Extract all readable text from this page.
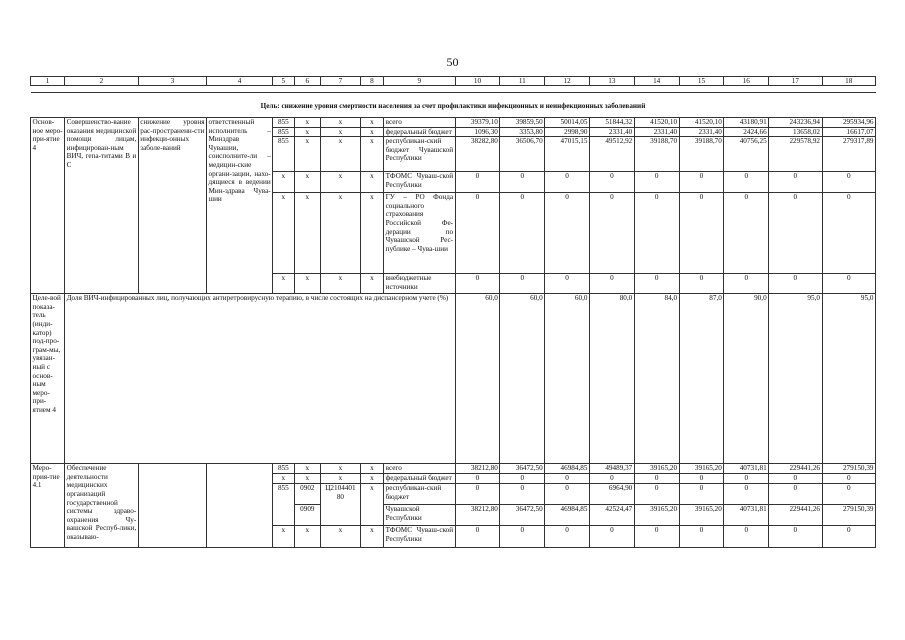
50
1	2	3	4	5	6	7	8	9	10	11	12	13	14	15	16	17	18

Цель: снижение уровня смертности населения за счет профилактики инфекционных и неинфекционных заболеваний																	
Основ-ное меро-при-ятие 4	Совершенство-вание оказания медицинской помощи лицам, инфицирован-ным ВИЧ, гепа-титами В и С	снижение уровня рас-пространенн-сти инфекци-онных заболе-ваний	ответственный исполнитель – Минздрав Чувашии, соисполните-ли – медицин-ские органи-зации, нахо-дящиеся в ведении Мин-здрава Чува-шии	855	x	x	x	всего	39379,10	39859,50	50014,05	51844,32	41520,10	41520,10	43180,91	243236,94	295934,96
				855	x	x	x	федеральный бюджет	1096,30	3353,80	2998,90	2331,40	2331,40	2331,40	2424,66	13658,02	16617,07
				855	x	x	x	республикан-ский бюджет Чувашской Республики	38282,80	36506,70	47015,15	49512,92	39188,70	39188,70	40756,25	229578,92	279317,89
				x	x	x	x	ТФОМС Чуваш-ской Республики	0	0	0	0	0	0	0	0	0
				x	x	x	x	ГУ – РО Фонда социального страхования Российской Фе-дерации по Чувашской Рес-публике – Чува-шии	0	0	0	0	0	0	0	0	0
				x	x	x	x	внебюджетные источники	0	0	0	0	0	0	0	0	0
Целе-вой показа-тель (инди-катор) под-про-грам-мы, увязан-ный с основ-ным меро-при-ятием 4	Доля ВИЧ-инфицированных лиц, получающих антиретровирусную терапию, в числе состоящих на диспансерном учете (%)								60,0	60,0	60,0	80,0	84,0	87,0	90,0	95,0	95,0
Меро-прия-тие 4.1	Обеспечение деятельности медицинских организаций государственной системы здраво-охранения Чу-вашской Респуб-лики, оказываю-			855	x	x	x	всего	38212,80	36472,50	46984,85	49489,37	39165,20	39165,20	40731,81	229441,26	279150,39
				x	x	x	x	федеральный бюджет	0	0	0	0	0	0	0	0	0
				855	0902	Ц2104401 80	x	республикан-ский бюджет	0	0	0	6964,90	0	0	0	0	0
					0909			Чувашской Республики	38212,80	36472,50	46984,85	42524,47	39165,20	39165,20	40731,81	229441,26	279150,39
				x	x	x	x	ТФОМС Чуваш-ской Республики	0	0	0	0	0	0	0	0	0
